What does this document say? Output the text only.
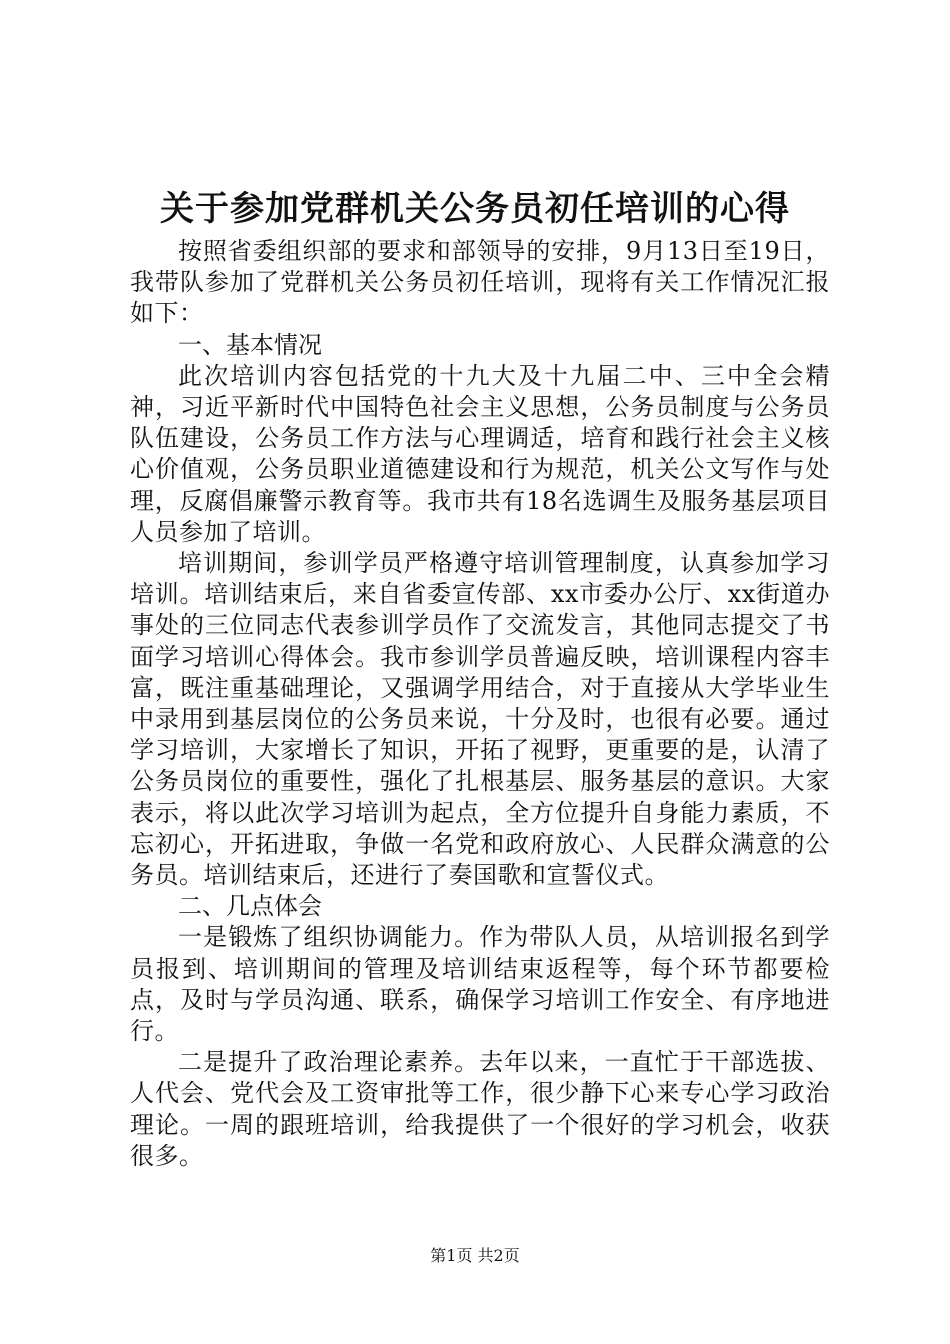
关于参加党群机关公务员初任培训的心得

按照省委组织部的要求和部领导的安排，9月13日至19日，我带队参加了党群机关公务员初任培训，现将有关工作情况汇报如下：

一、基本情况

此次培训内容包括党的十九大及十九届二中、三中全会精神，习近平新时代中国特色社会主义思想，公务员制度与公务员队伍建设，公务员工作方法与心理调适，培育和践行社会主义核心价值观，公务员职业道德建设和行为规范，机关公文写作与处理，反腐倡廉警示教育等。我市共有18名选调生及服务基层项目人员参加了培训。

培训期间，参训学员严格遵守培训管理制度，认真参加学习培训。培训结束后，来自省委宣传部、xx市委办公厅、xx街道办事处的三位同志代表参训学员作了交流发言，其他同志提交了书面学习培训心得体会。我市参训学员普遍反映，培训课程内容丰富，既注重基础理论，又强调学用结合，对于直接从大学毕业生中录用到基层岗位的公务员来说，十分及时，也很有必要。通过学习培训，大家增长了知识，开拓了视野，更重要的是，认清了公务员岗位的重要性，强化了扎根基层、服务基层的意识。大家表示，将以此次学习培训为起点，全方位提升自身能力素质，不忘初心，开拓进取，争做一名党和政府放心、人民群众满意的公务员。培训结束后，还进行了奏国歌和宣誓仪式。

二、几点体会

一是锻炼了组织协调能力。作为带队人员，从培训报名到学员报到、培训期间的管理及培训结束返程等，每个环节都要检点，及时与学员沟通、联系，确保学习培训工作安全、有序地进行。

二是提升了政治理论素养。去年以来，一直忙于干部选拔、人代会、党代会及工资审批等工作，很少静下心来专心学习政治理论。一周的跟班培训，给我提供了一个很好的学习机会，收获很多。

第1页 共2页
